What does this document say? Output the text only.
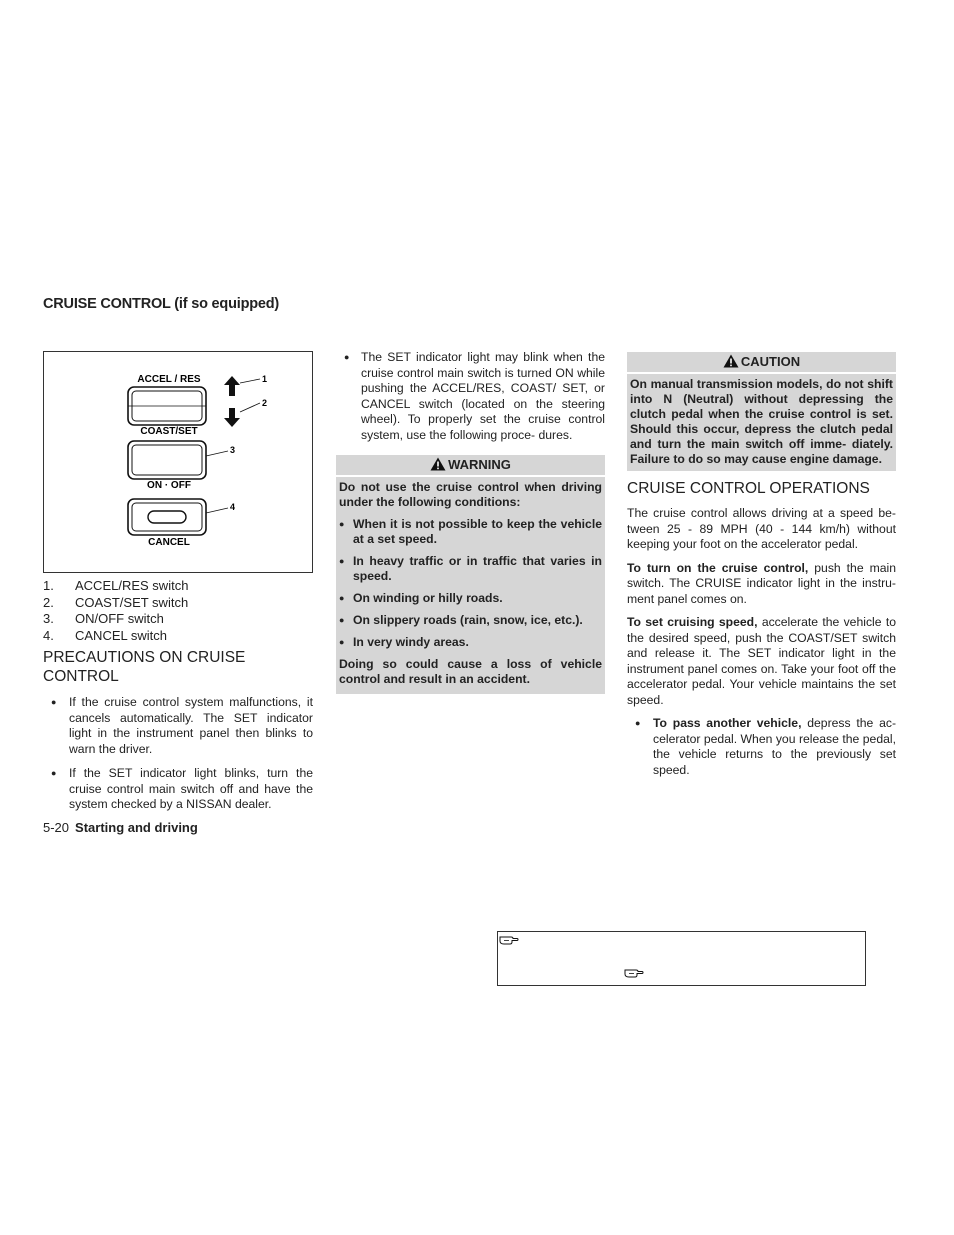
CRUISE CONTROL (if so equipped)
ACCEL / RES
COAST/SET
1
2
ON · OFF
3
CANCEL
4
1.	ACCEL/RES switch
2.	COAST/SET switch
3.	ON/OFF switch
4.	CANCEL switch
PRECAUTIONS ON CRUISE CONTROL
● If the cruise control system malfunctions, it cancels automatically. The SET indicator light in the instrument panel then blinks to warn the driver.
● If the SET indicator light blinks, turn the cruise control main switch off and have the system checked by a NISSAN dealer.
5-20 Starting and driving
● The SET indicator light may blink when the cruise control main switch is turned ON while pushing the ACCEL/RES, COAST/ SET, or CANCEL switch (located on the steering wheel). To properly set the cruise control system, use the following proce- dures.
WARNING

Do not use the cruise control when driving under the following conditions:

● When it is not possible to keep the vehicle at a set speed.
● In heavy traffic or in traffic that varies in speed.
● On winding or hilly roads.
● On slippery roads (rain, snow, ice, etc.).
● In very windy areas.

Doing so could cause a loss of vehicle control and result in an accident.

CAUTION

On manual transmission models, do not shift into N (Neutral) without depressing the clutch pedal when the cruise control is set. Should this occur, depress the clutch pedal and turn the main switch off imme- diately. Failure to do so may cause engine damage.

CRUISE CONTROL OPERATIONS

The cruise control allows driving at a speed be- tween 25 - 89 MPH (40 - 144 km/h) without keeping your foot on the accelerator pedal.

To turn on the cruise control, push the main switch. The CRUISE indicator light in the instru- ment panel comes on.

To set cruising speed, accelerate the vehicle to the desired speed, push the COAST/SET switch and release it. The SET indicator light in the instrument panel comes on. Take your foot off the accelerator pedal. Your vehicle maintains the set speed.

● To pass another vehicle, depress the ac- celerator pedal. When you release the pedal, the vehicle returns to the previously set speed.
